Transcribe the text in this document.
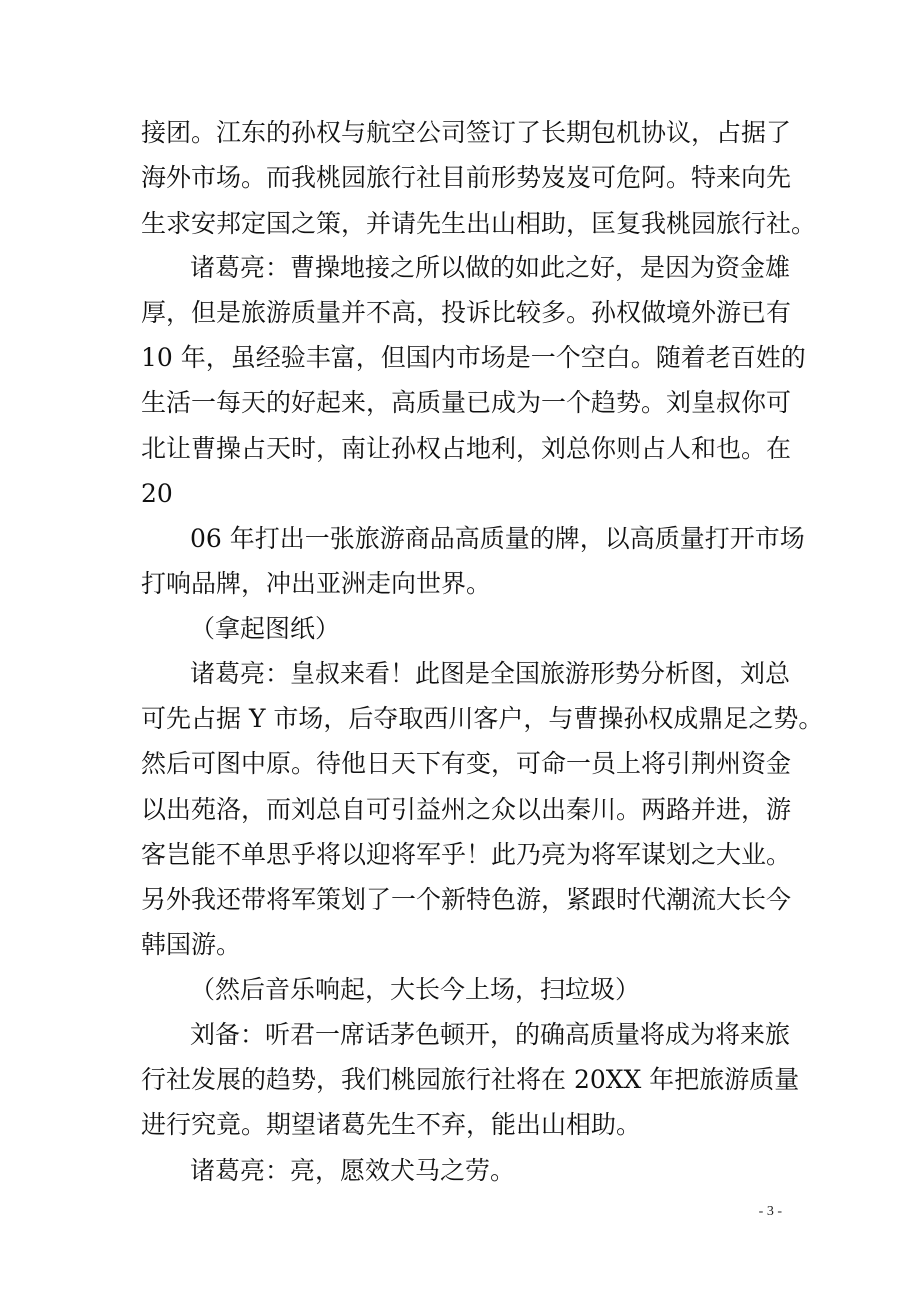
接团。江东的孙权与航空公司签订了长期包机协议，占据了
海外市场。而我桃园旅行社目前形势岌岌可危阿。特来向先
生求安邦定国之策，并请先生出山相助，匡复我桃园旅行社。
诸葛亮：曹操地接之所以做的如此之好，是因为资金雄
厚，但是旅游质量并不高，投诉比较多。孙权做境外游已有
10 年，虽经验丰富，但国内市场是一个空白。随着老百姓的
生活一每天的好起来，高质量已成为一个趋势。刘皇叔你可
北让曹操占天时，南让孙权占地利，刘总你则占人和也。在
20
06 年打出一张旅游商品高质量的牌，以高质量打开市场
打响品牌，冲出亚洲走向世界。
（拿起图纸）
诸葛亮：皇叔来看！此图是全国旅游形势分析图，刘总
可先占据 Y 市场，后夺取西川客户，与曹操孙权成鼎足之势。
然后可图中原。待他日天下有变，可命一员上将引荆州资金
以出苑洛，而刘总自可引益州之众以出秦川。两路并进，游
客岂能不单思乎将以迎将军乎！此乃亮为将军谋划之大业。
另外我还带将军策划了一个新特色游，紧跟时代潮流大长今
韩国游。
（然后音乐响起，大长今上场，扫垃圾）
刘备：听君一席话茅色顿开，的确高质量将成为将来旅
行社发展的趋势，我们桃园旅行社将在 20XX 年把旅游质量
进行究竟。期望诸葛先生不弃，能出山相助。
诸葛亮：亮，愿效犬马之劳。
- 3 -
